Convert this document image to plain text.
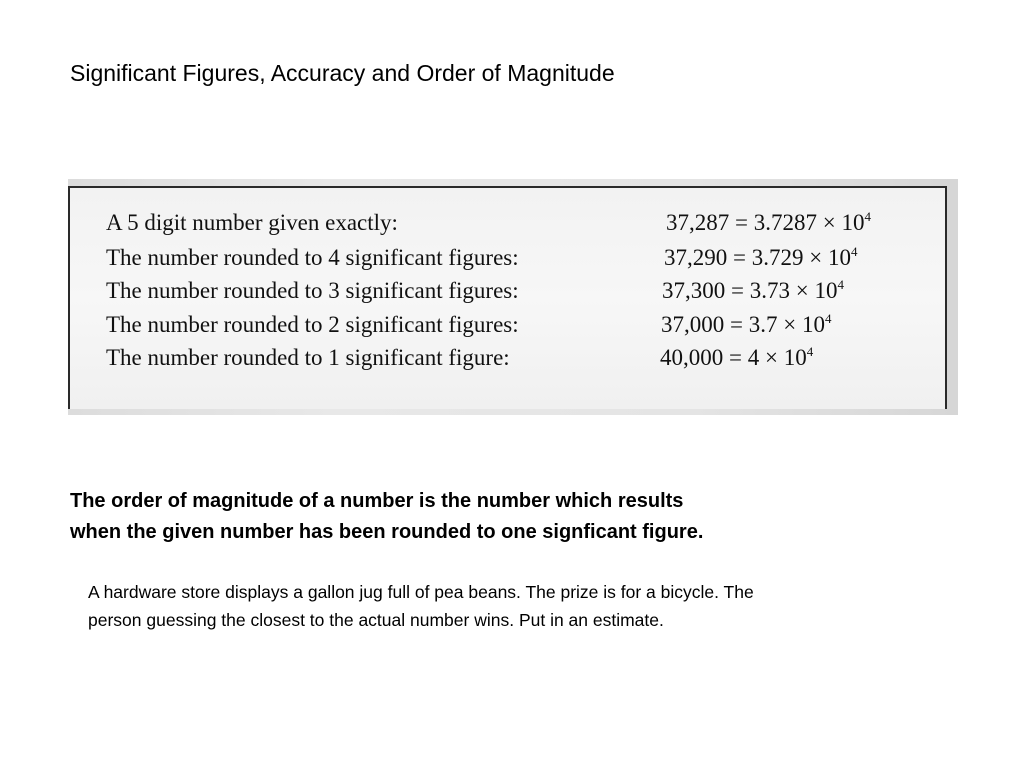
Significant Figures, Accuracy and Order of Magnitude
A 5 digit number given exactly:	$37,287 = 3.7287 \times 10^4$
The number rounded to 4 significant figures:	$37,290 = 3.729 \times 10^4$
The number rounded to 3 significant figures:	$37,300 = 3.73 \times 10^4$
The number rounded to 2 significant figures:	$37,000 = 3.7 \times 10^4$
The number rounded to 1 significant figure:	$40,000 = 4 \times 10^4$

The order of magnitude of a number is the number which results
when the given number has been rounded to one signficant figure.

A hardware store displays a gallon jug full of pea beans. The prize is for a bicycle. The
person guessing the closest to the actual number wins. Put in an estimate.
